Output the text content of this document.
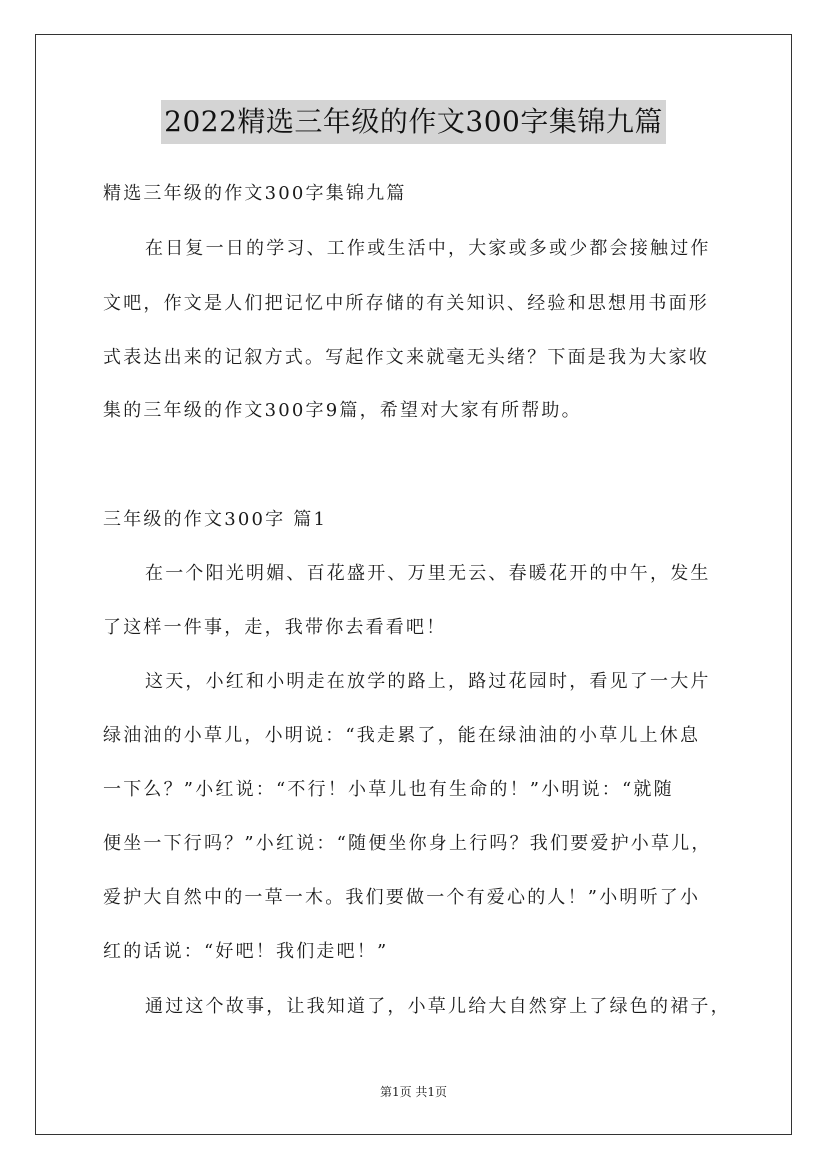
2022精选三年级的作文300字集锦九篇
精选三年级的作文300字集锦九篇
在日复一日的学习、工作或生活中，大家或多或少都会接触过作
文吧，作文是人们把记忆中所存储的有关知识、经验和思想用书面形
式表达出来的记叙方式。写起作文来就毫无头绪？下面是我为大家收
集的三年级的作文300字9篇，希望对大家有所帮助。
三年级的作文300字 篇1
在一个阳光明媚、百花盛开、万里无云、春暖花开的中午，发生
了这样一件事，走，我带你去看看吧！
这天，小红和小明走在放学的路上，路过花园时，看见了一大片
绿油油的小草儿，小明说：“我走累了，能在绿油油的小草儿上休息
一下么？”小红说：“不行！小草儿也有生命的！”小明说：“就随
便坐一下行吗？”小红说：“随便坐你身上行吗？我们要爱护小草儿，
爱护大自然中的一草一木。我们要做一个有爱心的人！”小明听了小
红的话说：“好吧！我们走吧！”
通过这个故事，让我知道了，小草儿给大自然穿上了绿色的裙子，
第1页 共1页
